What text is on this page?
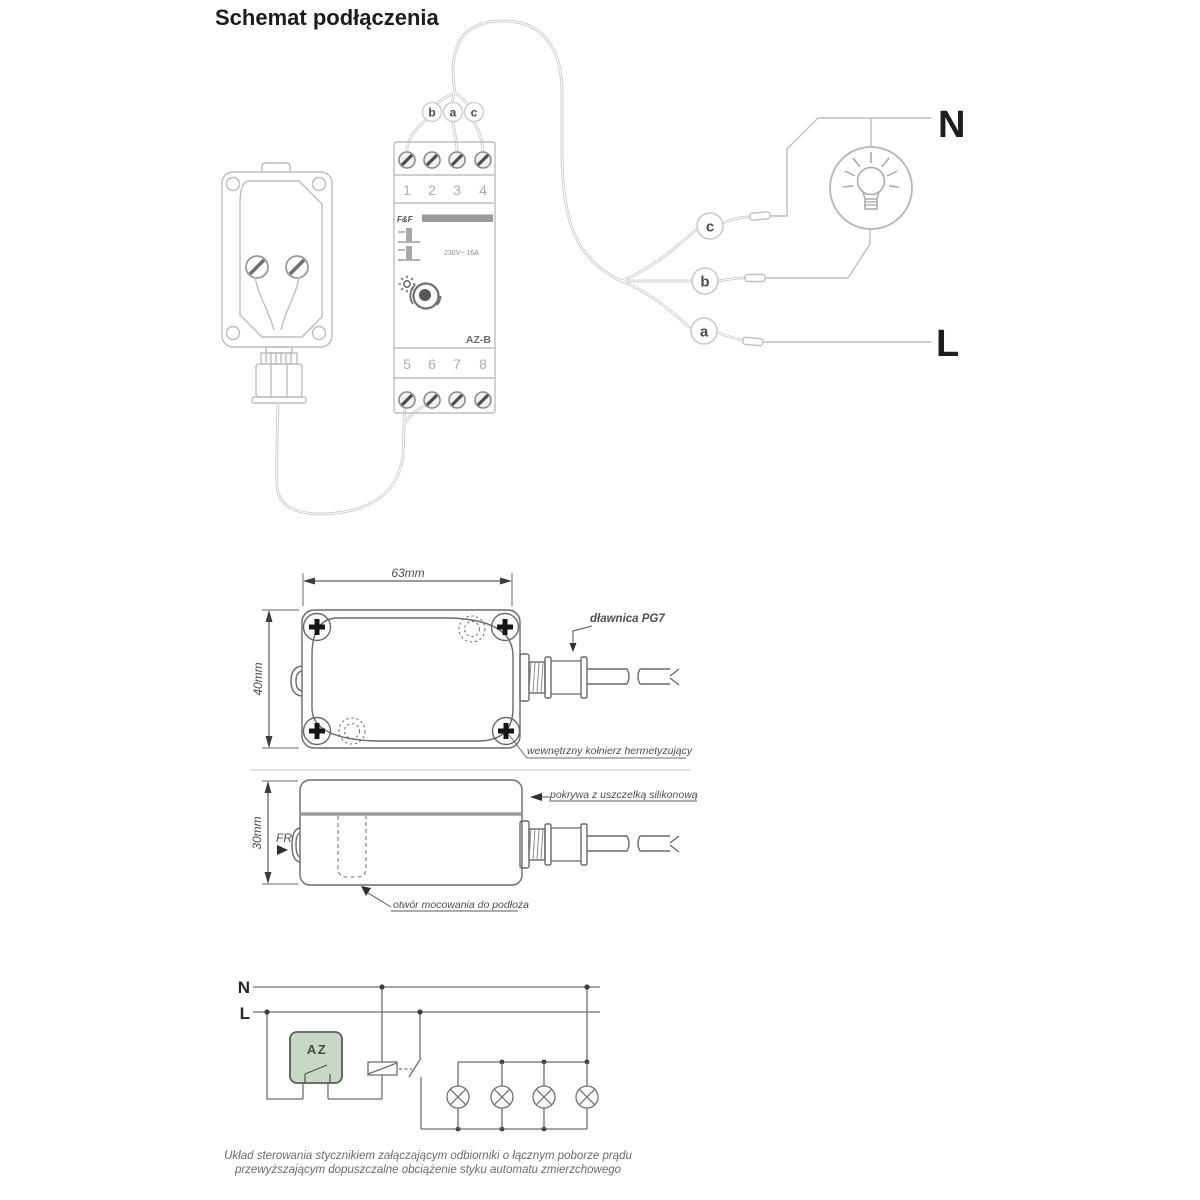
Schemat podłączenia
1 2 3 4
F&F
230V~ 16A
AZ-B
5 6 7 8
b a c
c
b
a
N
L
63mm
40mm
dławnica PG7
wewnętrzny kołnierz hermetyzujący
30mm FR
pokrywa z uszczelką silikonową
otwór mocowania do podłoża
N
L
AZ
Układ sterowania stycznikiem załączającym odbiorniki o łącznym poborze prądu
przewyższającym dopuszczalne obciążenie styku automatu zmierzchowego
